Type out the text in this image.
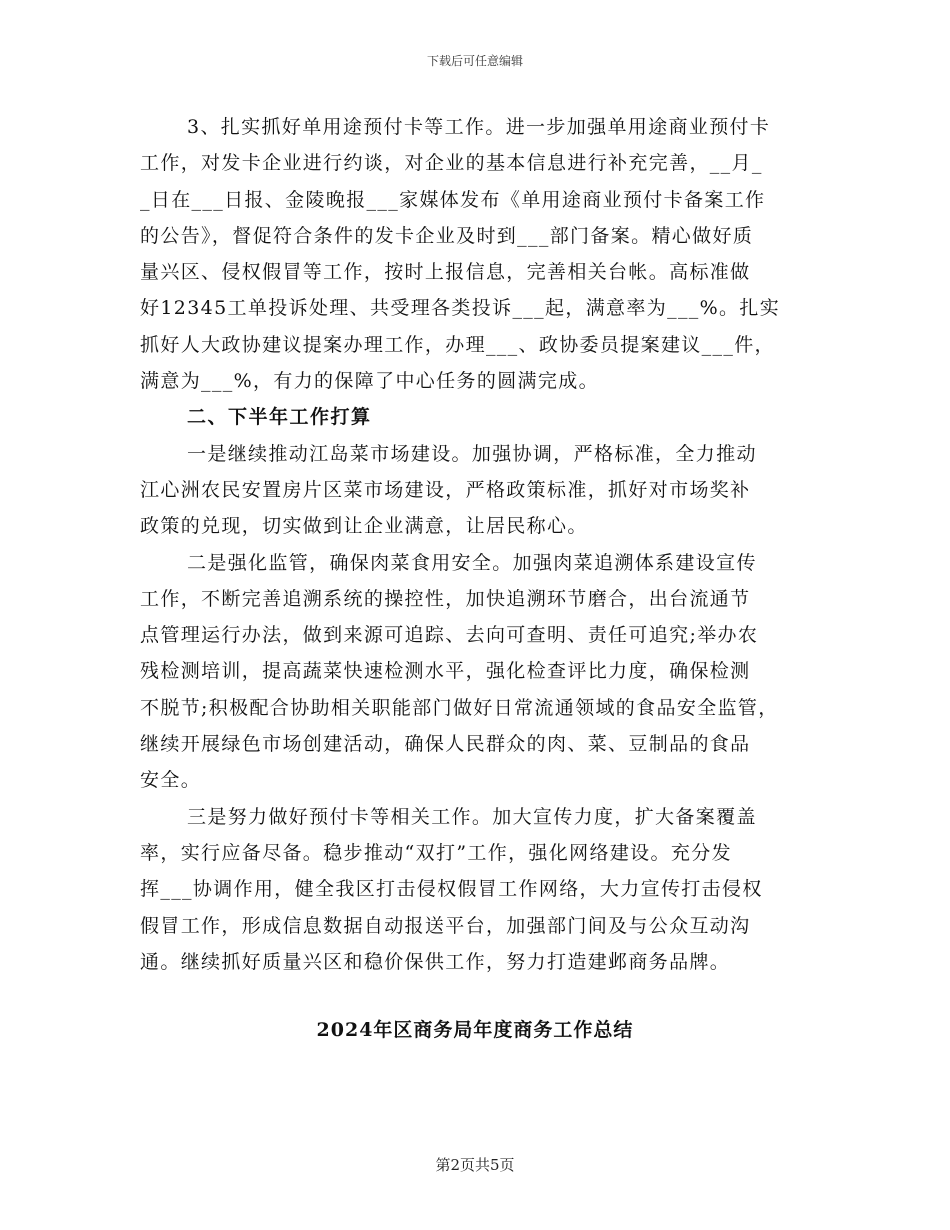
下载后可任意编辑
3、扎实抓好单用途预付卡等工作。进一步加强单用途商业预付卡
工作，对发卡企业进行约谈，对企业的基本信息进行补充完善，__月_
_日在___日报、金陵晚报___家媒体发布《单用途商业预付卡备案工作
的公告》，督促符合条件的发卡企业及时到___部门备案。精心做好质
量兴区、侵权假冒等工作，按时上报信息，完善相关台帐。高标准做
好12345工单投诉处理、共受理各类投诉___起，满意率为___%。扎实
抓好人大政协建议提案办理工作，办理___、政协委员提案建议___件，
满意为___%，有力的保障了中心任务的圆满完成。
二、下半年工作打算
一是继续推动江岛菜市场建设。加强协调，严格标准，全力推动
江心洲农民安置房片区菜市场建设，严格政策标准，抓好对市场奖补
政策的兑现，切实做到让企业满意，让居民称心。
二是强化监管，确保肉菜食用安全。加强肉菜追溯体系建设宣传
工作，不断完善追溯系统的操控性，加快追溯环节磨合，出台流通节
点管理运行办法，做到来源可追踪、去向可查明、责任可追究;举办农
残检测培训，提高蔬菜快速检测水平，强化检查评比力度，确保检测
不脱节;积极配合协助相关职能部门做好日常流通领域的食品安全监管，
继续开展绿色市场创建活动，确保人民群众的肉、菜、豆制品的食品
安全。
三是努力做好预付卡等相关工作。加大宣传力度，扩大备案覆盖
率，实行应备尽备。稳步推动“双打”工作，强化网络建设。充分发
挥___协调作用，健全我区打击侵权假冒工作网络，大力宣传打击侵权
假冒工作，形成信息数据自动报送平台，加强部门间及与公众互动沟
通。继续抓好质量兴区和稳价保供工作，努力打造建邺商务品牌。
2024年区商务局年度商务工作总结
第2页共5页
